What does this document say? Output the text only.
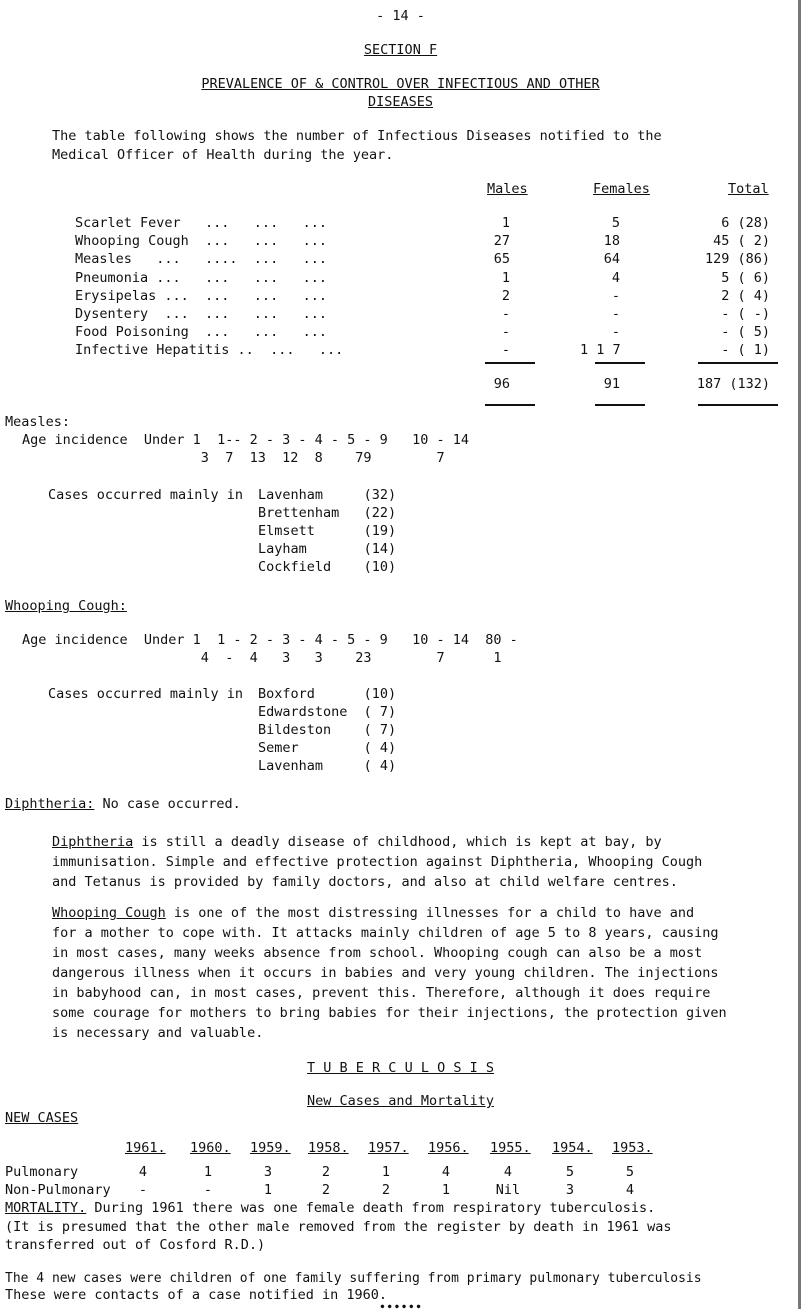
- 14 -
SECTION F
PREVALENCE OF & CONTROL OVER INFECTIOUS AND OTHER
DISEASES
The table following shows the number of Infectious Diseases notified to the
Medical Officer of Health during the year.
Males	Females	Total
Scarlet Fever   ...   ...   ...	1	5	6 (28)
Whooping Cough  ...   ...   ...	27	18	45 ( 2)
Measles   ...   ....  ...   ...	65	64	129 (86)
Pneumonia ...   ...   ...   ...	1	4	5 ( 6)
Erysipelas ...  ...   ...   ...	2	-	2 ( 4)
Dysentery  ...  ...   ...   ...	-	-	- ( -)
Food Poisoning  ...   ...   ...	-	-	- ( 5)
Infective Hepatitis ..  ...   ...	-	1 1 7	- ( 1)
96	91	187 (132)
Measles:
Age incidence  Under 1  1-- 2 - 3 - 4 - 5 - 9   10 - 14
3  7  13  12  8    79        7
Cases occurred mainly in Lavenham     (32)
Brettenham   (22)
Elmsett      (19)
Layham       (14)
Cockfield    (10)
Whooping Cough:
Age incidence  Under 1  1 - 2 - 3 - 4 - 5 - 9   10 - 14  80 -
4  -  4   3   3    23        7      1
Cases occurred mainly in Boxford      (10)
Edwardstone  ( 7)
Bildeston    ( 7)
Semer        ( 4)
Lavenham     ( 4)
Diphtheria: No case occurred.
Diphtheria is still a deadly disease of childhood, which is kept at bay, by
immunisation. Simple and effective protection against Diphtheria, Whooping Cough
and Tetanus is provided by family doctors, and also at child welfare centres.
Whooping Cough is one of the most distressing illnesses for a child to have and
for a mother to cope with. It attacks mainly children of age 5 to 8 years, causing
in most cases, many weeks absence from school. Whooping cough can also be a most
dangerous illness when it occurs in babies and very young children. The injections
in babyhood can, in most cases, prevent this. Therefore, although it does require
some courage for mothers to bring babies for their injections, the protection given
is necessary and valuable.
T U B E R C U L O S I S
New Cases and Mortality
NEW CASES
1961. 1960. 1959. 1958. 1957. 1956. 1955. 1954. 1953.
Pulmonary	4	1	3	2	1	4	4	5	5
Non-Pulmonary	-	-	1	2	2	1	Nil	3	4
MORTALITY. During 1961 there was one female death from respiratory tuberculosis.
(It is presumed that the other male removed from the register by death in 1961 was
transferred out of Cosford R.D.)
The 4 new cases were children of one family suffering from primary pulmonary tuberculosis
These were contacts of a case notified in 1960.
● ● ● ● ● ●
